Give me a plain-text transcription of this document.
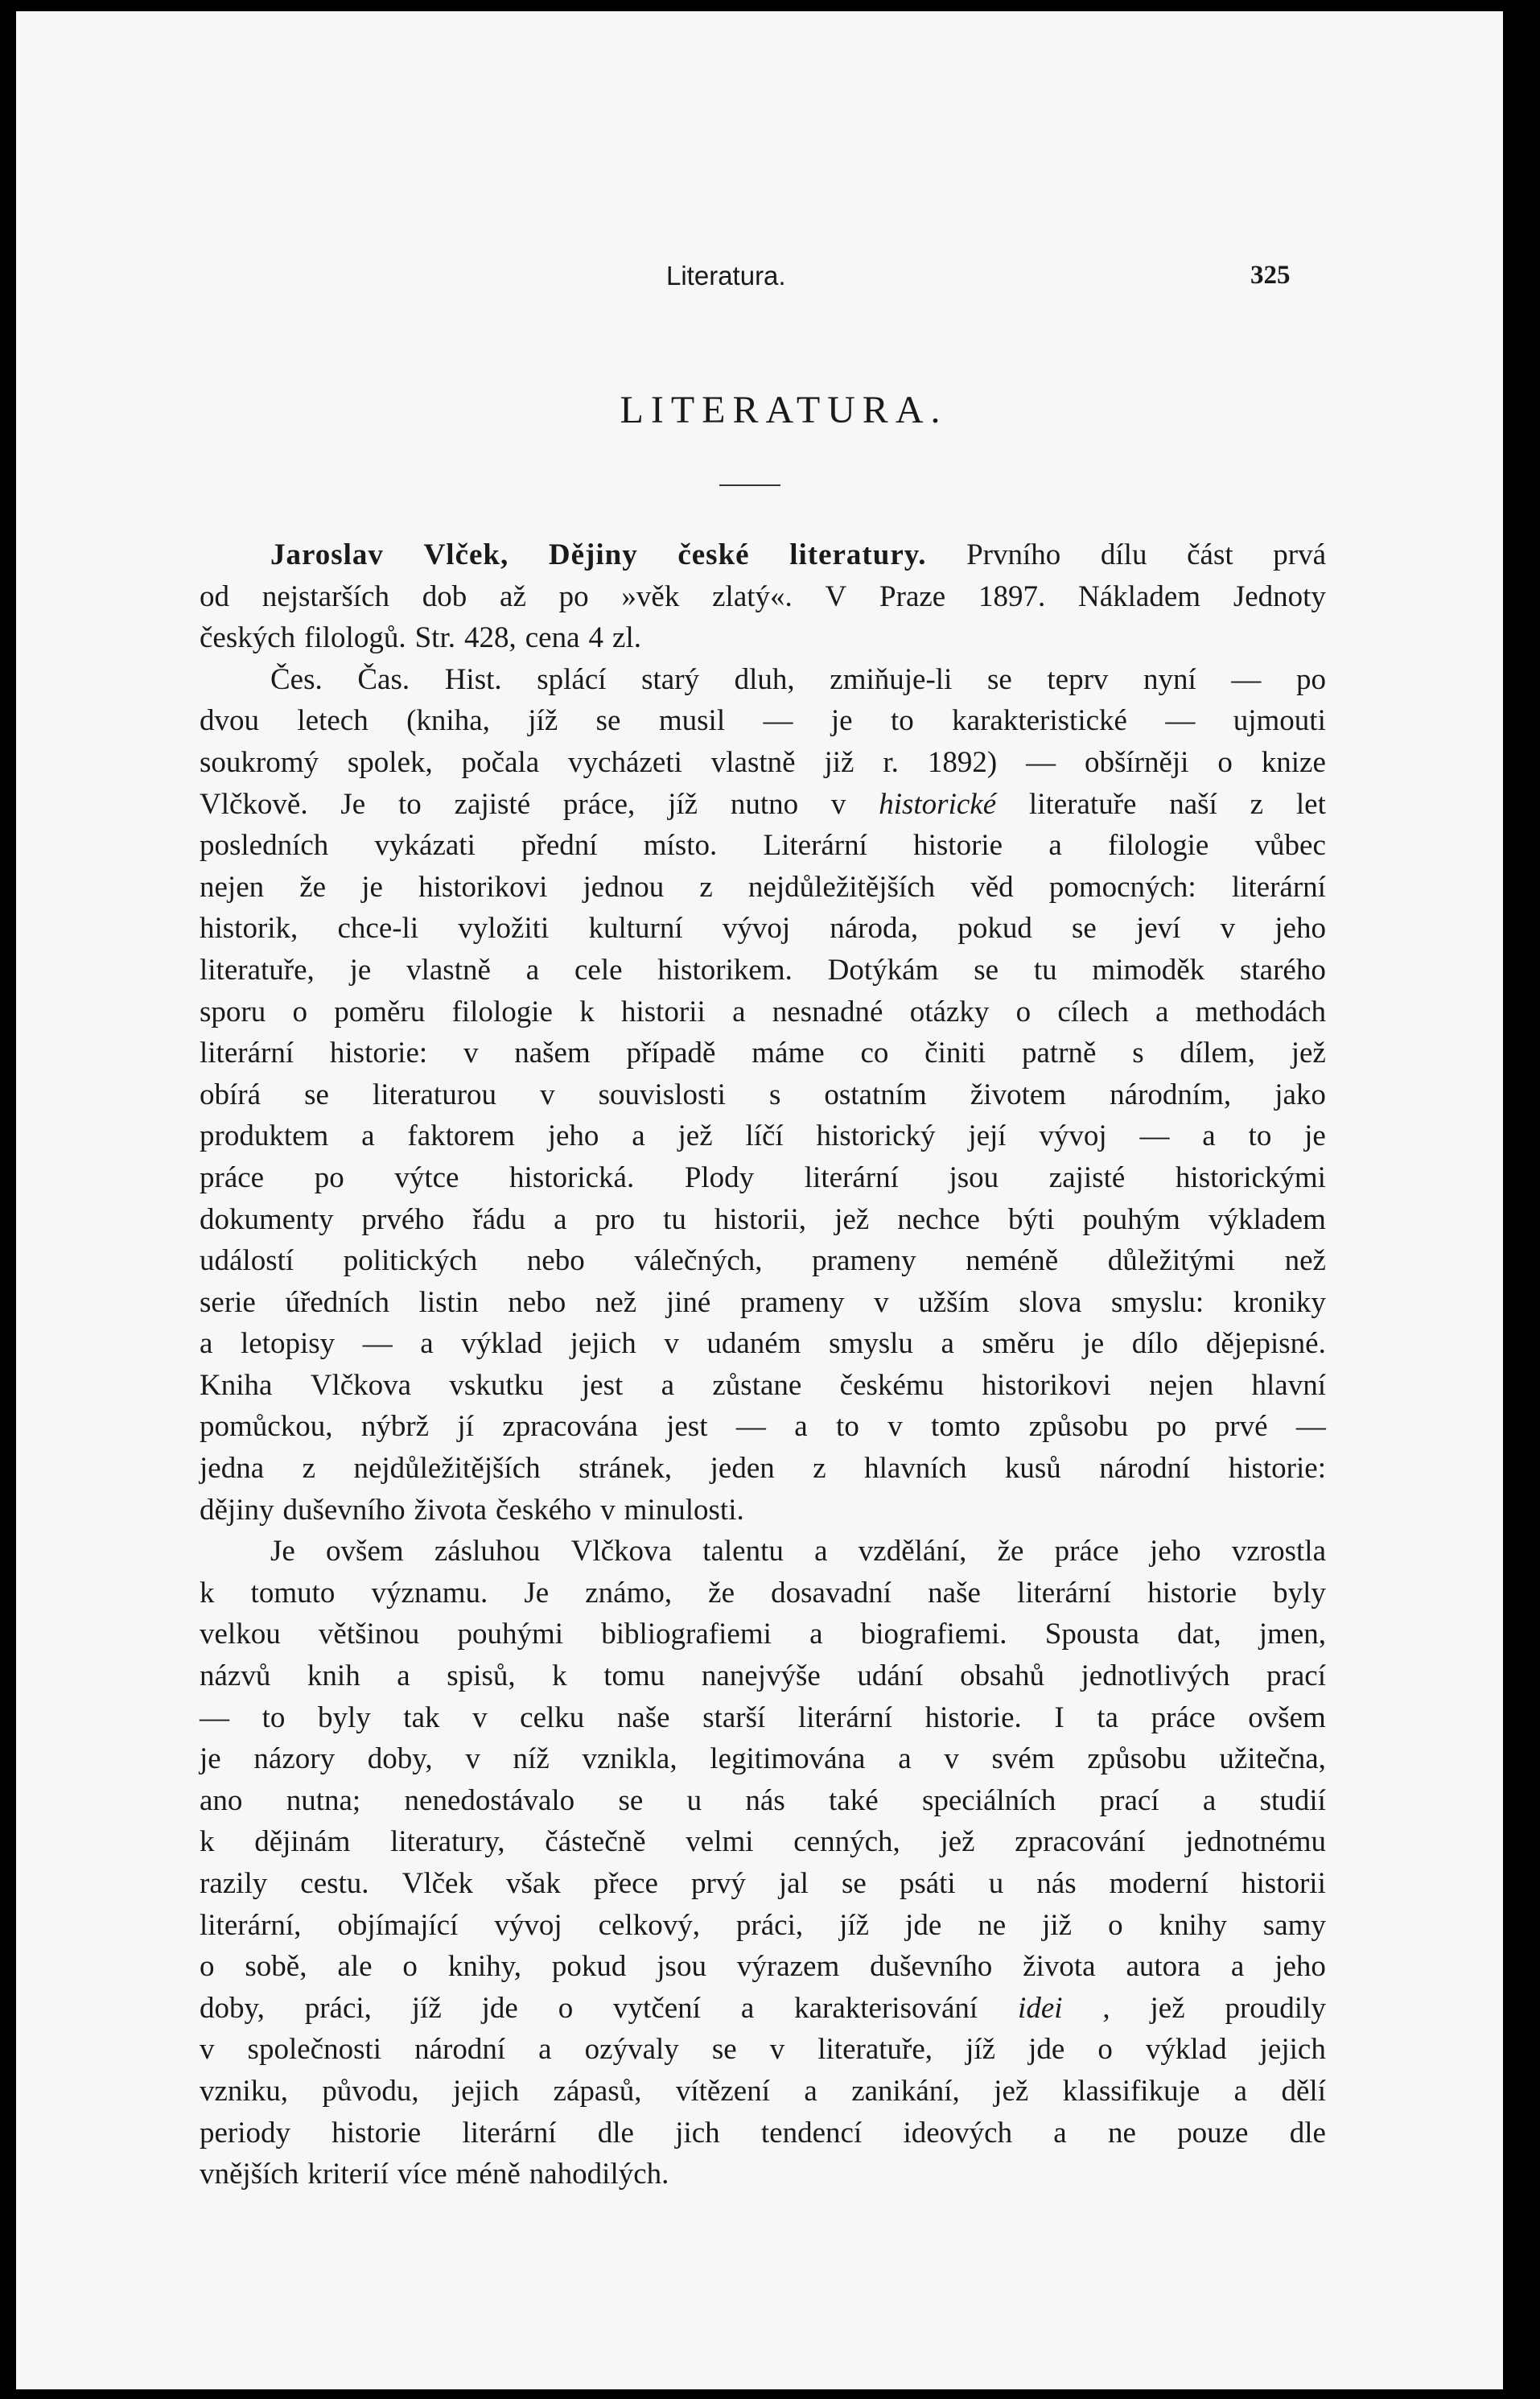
Literatura.	325
LITERATURA.
Jaroslav Vlček, Dějiny české literatury. Prvního dílu část prvá
od nejstarších dob až po »věk zlatý«. V Praze 1897. Nákladem Jednoty
českých filologů. Str. 428, cena 4 zl.
Čes. Čas. Hist. splácí starý dluh, zmiňuje-li se teprv nyní — po
dvou letech (kniha, jíž se musil — je to karakteristické — ujmouti
soukromý spolek, počala vycházeti vlastně již r. 1892) — obšírněji o knize
Vlčkově. Je to zajisté práce, jíž nutno v historické literatuře naší z let
posledních vykázati přední místo. Literární historie a filologie vůbec
nejen že je historikovi jednou z nejdůležitějších věd pomocných: literární
historik, chce-li vyložiti kulturní vývoj národa, pokud se jeví v jeho
literatuře, je vlastně a cele historikem. Dotýkám se tu mimoděk starého
sporu o poměru filologie k historii a nesnadné otázky o cílech a methodách
literární historie: v našem případě máme co činiti patrně s dílem, jež
obírá se literaturou v souvislosti s ostatním životem národním, jako
produktem a faktorem jeho a jež líčí historický její vývoj — a to je
práce po výtce historická. Plody literární jsou zajisté historickými
dokumenty prvého řádu a pro tu historii, jež nechce býti pouhým výkladem
událostí politických nebo válečných, prameny neméně důležitými než
serie úředních listin nebo než jiné prameny v užším slova smyslu: kroniky
a letopisy — a výklad jejich v udaném smyslu a směru je dílo dějepisné.
Kniha Vlčkova vskutku jest a zůstane českému historikovi nejen hlavní
pomůckou, nýbrž jí zpracována jest — a to v tomto způsobu po prvé —
jedna z nejdůležitějších stránek, jeden z hlavních kusů národní historie:
dějiny duševního života českého v minulosti.
Je ovšem zásluhou Vlčkova talentu a vzdělání, že práce jeho vzrostla
k tomuto významu. Je známo, že dosavadní naše literární historie byly
velkou většinou pouhými bibliografiemi a biografiemi. Spousta dat, jmen,
názvů knih a spisů, k tomu nanejvýše udání obsahů jednotlivých prací
— to byly tak v celku naše starší literární historie. I ta práce ovšem
je názory doby, v níž vznikla, legitimována a v svém způsobu užitečna,
ano nutna; nenedostávalo se u nás také speciálních prací a studií
k dějinám literatury, částečně velmi cenných, jež zpracování jednotnému
razily cestu. Vlček však přece prvý jal se psáti u nás moderní historii
literární, objímající vývoj celkový, práci, jíž jde ne již o knihy samy
o sobě, ale o knihy, pokud jsou výrazem duševního života autora a jeho
doby, práci, jíž jde o vytčení a karakterisování idei , jež proudily
v společnosti národní a ozývaly se v literatuře, jíž jde o výklad jejich
vzniku, původu, jejich zápasů, vítězení a zanikání, jež klassifikuje a dělí
periody historie literární dle jich tendencí ideových a ne pouze dle
vnějších kriterií více méně nahodilých.
